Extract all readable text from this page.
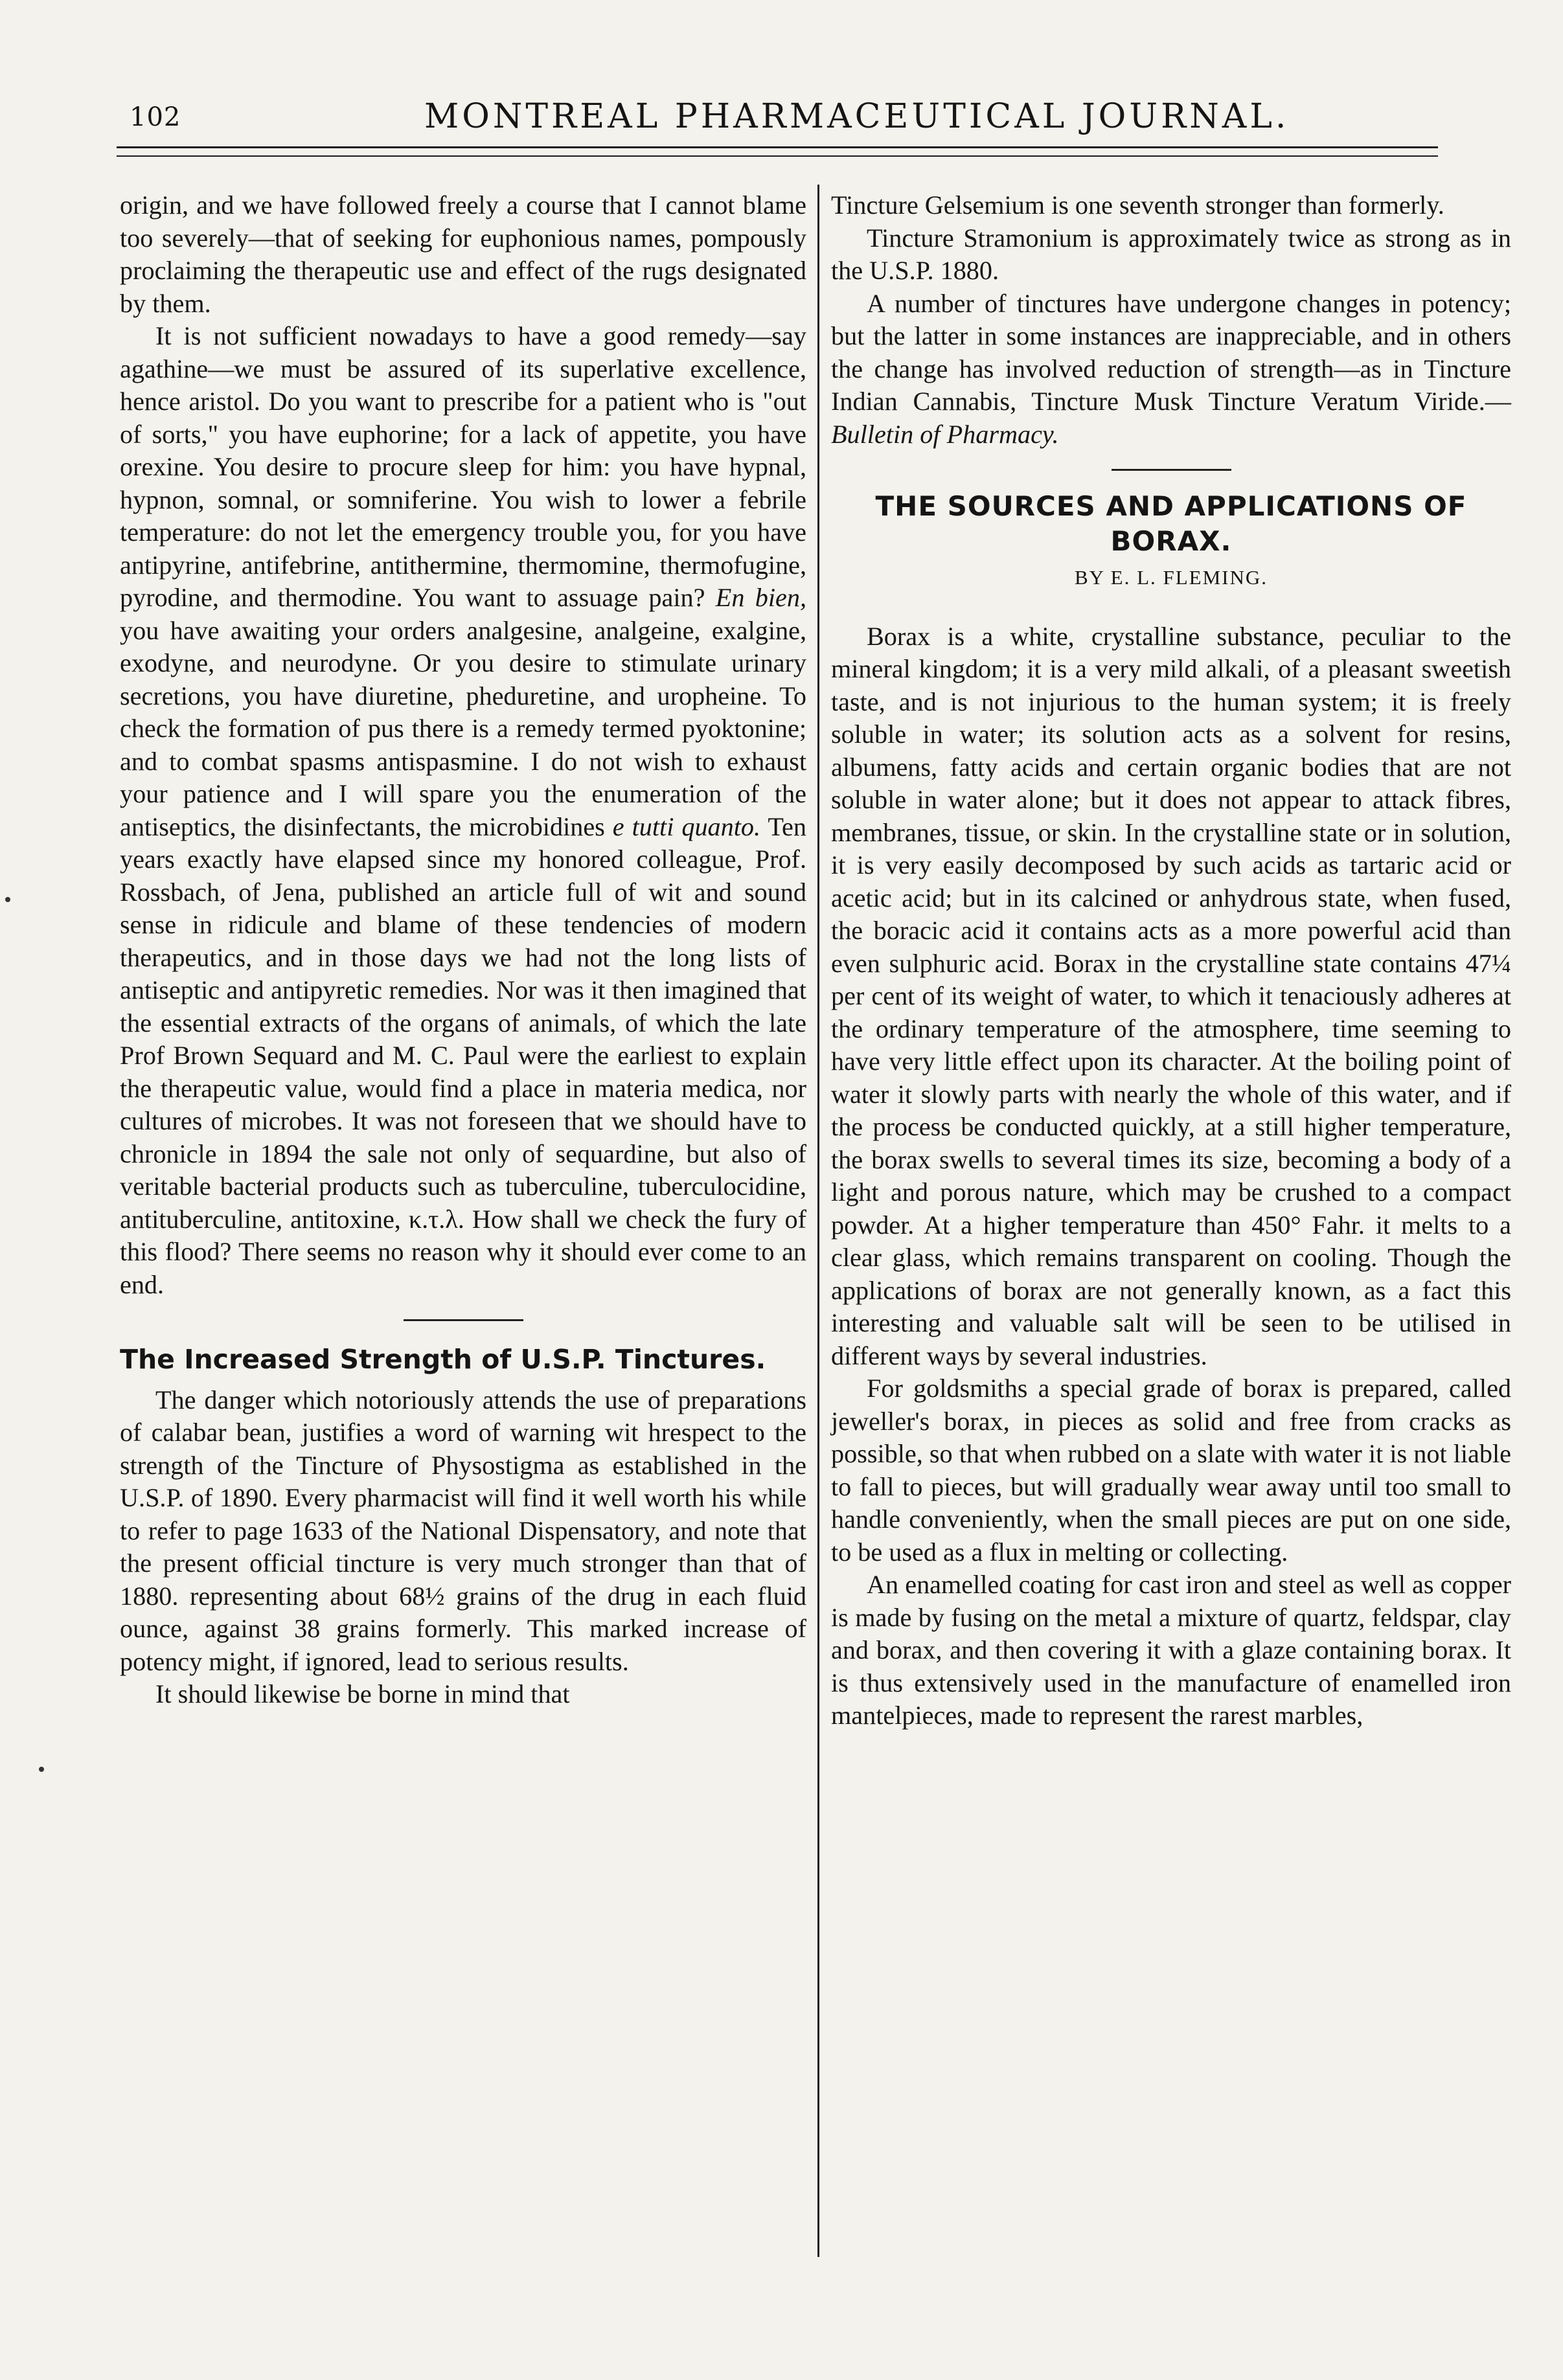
102	MONTREAL PHARMACEUTICAL JOURNAL.

origin, and we have followed freely a course that I cannot blame too severely—that of seeking for euphonious names, pompously proclaiming the therapeutic use and effect of the rugs designated by them.

It is not sufficient nowadays to have a good remedy—say agathine—we must be assured of its superlative excellence, hence aristol. Do you want to prescribe for a patient who is "out of sorts," you have euphorine; for a lack of appetite, you have orexine. You desire to procure sleep for him: you have hypnal, hypnon, somnal, or somniferine. You wish to lower a febrile temperature: do not let the emergency trouble you, for you have antipyrine, antifebrine, antithermine, thermomine, thermofugine, pyrodine, and thermodine. You want to assuage pain? En bien, you have awaiting your orders analgesine, analgeine, exalgine, exodyne, and neurodyne. Or you desire to stimulate urinary secretions, you have diuretine, pheduretine, and uropheine. To check the formation of pus there is a remedy termed pyoktonine; and to combat spasms antispasmine. I do not wish to exhaust your patience and I will spare you the enumeration of the antiseptics, the disinfectants, the microbidines e tutti quanto. Ten years exactly have elapsed since my honored colleague, Prof. Rossbach, of Jena, published an article full of wit and sound sense in ridicule and blame of these tendencies of modern therapeutics, and in those days we had not the long lists of antiseptic and antipyretic remedies. Nor was it then imagined that the essential extracts of the organs of animals, of which the late Prof Brown Sequard and M. C. Paul were the earliest to explain the therapeutic value, would find a place in materia medica, nor cultures of microbes. It was not foreseen that we should have to chronicle in 1894 the sale not only of sequardine, but also of veritable bacterial products such as tuberculine, tuberculocidine, antituberculine, antitoxine, κ.τ.λ. How shall we check the fury of this flood? There seems no reason why it should ever come to an end.

The Increased Strength of U.S.P. Tinctures.

The danger which notoriously attends the use of preparations of calabar bean, justifies a word of warning wit hrespect to the strength of the Tincture of Physostigma as established in the U.S.P. of 1890. Every pharmacist will find it well worth his while to refer to page 1633 of the National Dispensatory, and note that the present official tincture is very much stronger than that of 1880. representing about 68½ grains of the drug in each fluid ounce, against 38 grains formerly. This marked increase of potency might, if ignored, lead to serious results.

It should likewise be borne in mind that

Tincture Gelsemium is one seventh stronger than formerly.

Tincture Stramonium is approximately twice as strong as in the U.S.P. 1880.

A number of tinctures have undergone changes in potency; but the latter in some instances are inappreciable, and in others the change has involved reduction of strength—as in Tincture Indian Cannabis, Tincture Musk Tincture Veratum Viride.—Bulletin of Pharmacy.

THE SOURCES AND APPLICATIONS OF BORAX.
BY E. L. FLEMING.

Borax is a white, crystalline substance, peculiar to the mineral kingdom; it is a very mild alkali, of a pleasant sweetish taste, and is not injurious to the human system; it is freely soluble in water; its solution acts as a solvent for resins, albumens, fatty acids and certain organic bodies that are not soluble in water alone; but it does not appear to attack fibres, membranes, tissue, or skin. In the crystalline state or in solution, it is very easily decomposed by such acids as tartaric acid or acetic acid; but in its calcined or anhydrous state, when fused, the boracic acid it contains acts as a more powerful acid than even sulphuric acid. Borax in the crystalline state contains 47¼ per cent of its weight of water, to which it tenaciously adheres at the ordinary temperature of the atmosphere, time seeming to have very little effect upon its character. At the boiling point of water it slowly parts with nearly the whole of this water, and if the process be conducted quickly, at a still higher temperature, the borax swells to several times its size, becoming a body of a light and porous nature, which may be crushed to a compact powder. At a higher temperature than 450° Fahr. it melts to a clear glass, which remains transparent on cooling. Though the applications of borax are not generally known, as a fact this interesting and valuable salt will be seen to be utilised in different ways by several industries.

For goldsmiths a special grade of borax is prepared, called jeweller's borax, in pieces as solid and free from cracks as possible, so that when rubbed on a slate with water it is not liable to fall to pieces, but will gradually wear away until too small to handle conveniently, when the small pieces are put on one side, to be used as a flux in melting or collecting.

An enamelled coating for cast iron and steel as well as copper is made by fusing on the metal a mixture of quartz, feldspar, clay and borax, and then covering it with a glaze containing borax. It is thus extensively used in the manufacture of enamelled iron mantelpieces, made to represent the rarest marbles,
